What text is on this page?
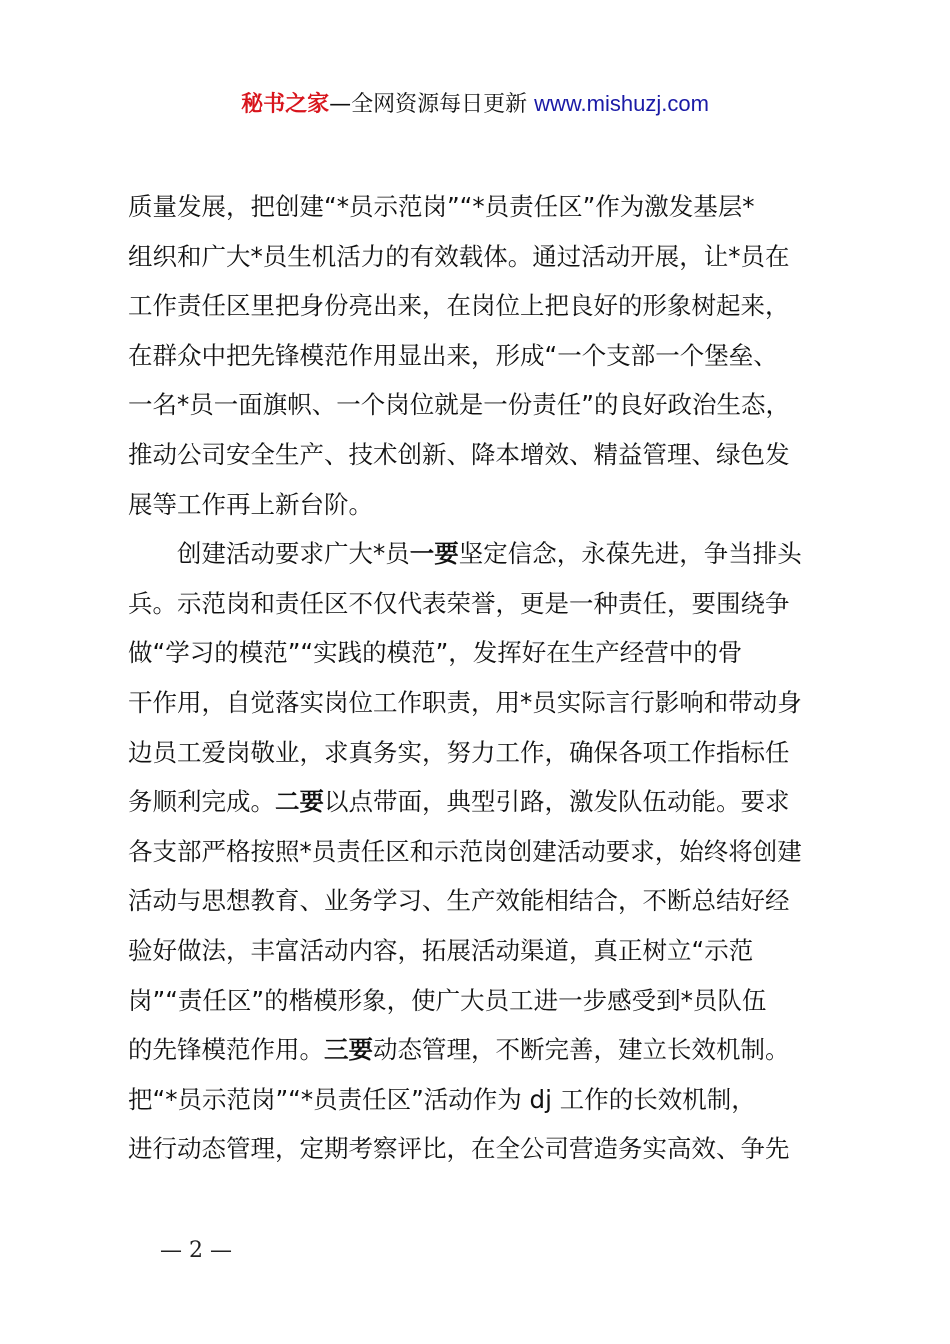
秘书之家—全网资源每日更新 www.mishuzj.com
质量发展，把创建“*员示范岗”“*员责任区”作为激发基层*
组织和广大*员生机活力的有效载体。通过活动开展，让*员在
工作责任区里把身份亮出来，在岗位上把良好的形象树起来，
在群众中把先锋模范作用显出来，形成“一个支部一个堡垒、
一名*员一面旗帜、一个岗位就是一份责任”的良好政治生态，
推动公司安全生产、技术创新、降本增效、精益管理、绿色发
展等工作再上新台阶。
创建活动要求广大*员一要坚定信念，永葆先进，争当排头
兵。示范岗和责任区不仅代表荣誉，更是一种责任，要围绕争
做“学习的模范”“实践的模范”，发挥好在生产经营中的骨
干作用，自觉落实岗位工作职责，用*员实际言行影响和带动身
边员工爱岗敬业，求真务实，努力工作，确保各项工作指标任
务顺利完成。二要以点带面，典型引路，激发队伍动能。要求
各支部严格按照*员责任区和示范岗创建活动要求，始终将创建
活动与思想教育、业务学习、生产效能相结合，不断总结好经
验好做法，丰富活动内容，拓展活动渠道，真正树立“示范
岗”“责任区”的楷模形象，使广大员工进一步感受到*员队伍
的先锋模范作用。三要动态管理，不断完善，建立长效机制。
把“*员示范岗”“*员责任区”活动作为 dj 工作的长效机制，
进行动态管理，定期考察评比，在全公司营造务实高效、争先
— 2 —
